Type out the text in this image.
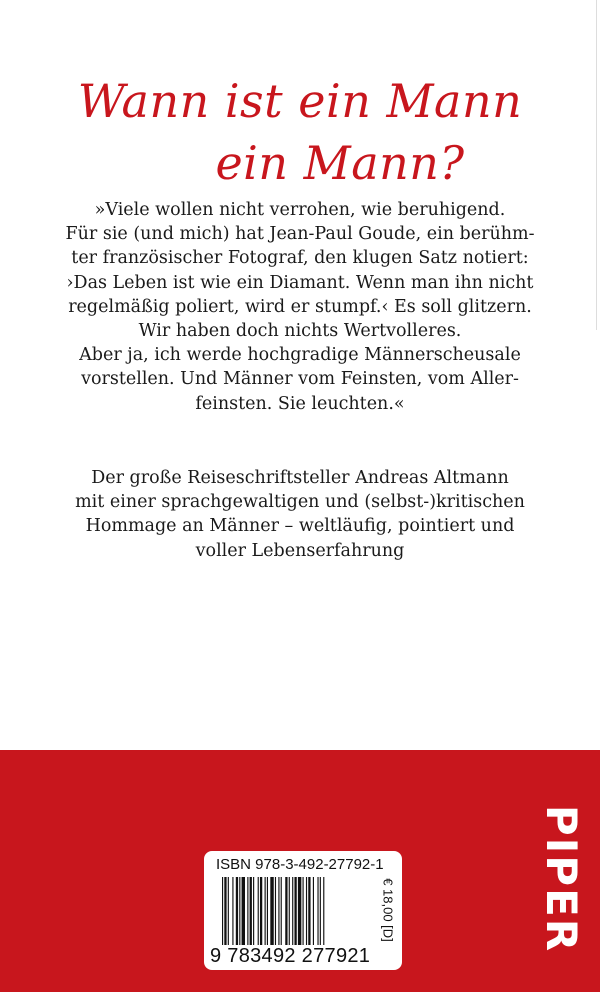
Wann ist ein Mann
ein Mann?
»Viele wollen nicht verrohen, wie beruhigend.
Für sie (und mich) hat Jean-Paul Goude, ein berühm-
ter französischer Fotograf, den klugen Satz notiert:
›Das Leben ist wie ein Diamant. Wenn man ihn nicht
regelmäßig poliert, wird er stumpf.‹ Es soll glitzern.
Wir haben doch nichts Wertvolleres.
Aber ja, ich werde hochgradige Männerscheusale
vorstellen. Und Männer vom Feinsten, vom Aller-
feinsten. Sie leuchten.«
Der große Reiseschriftsteller Andreas Altmann
mit einer sprachgewaltigen und (selbst-)kritischen
Hommage an Männer – weltläufig, pointiert und
voller Lebenserfahrung
PIPER
ISBN 978-3-492-27792-1
9 783492 277921
€ 18,00 [D]
